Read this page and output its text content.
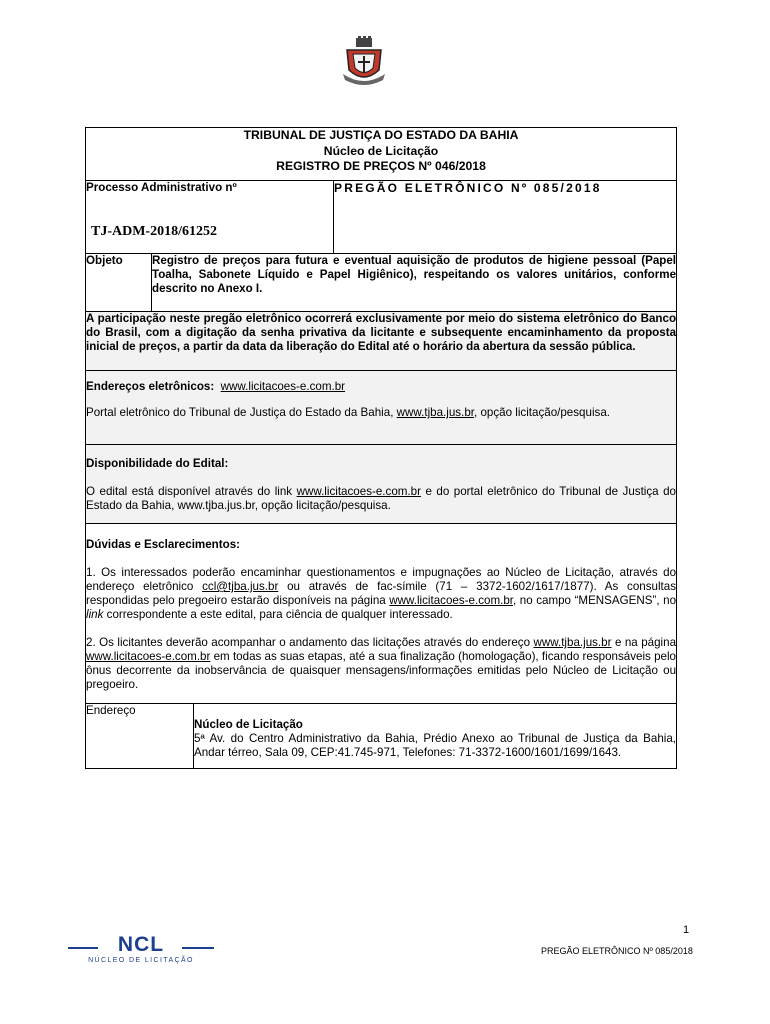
TRIBUNAL DE JUSTIÇA DO ESTADO DA BAHIA
Núcleo de Licitação
REGISTRO DE PREÇOS Nº 046/2018			

Processo Administrativo nº
TJ-ADM-2018/61252			PREGÃO ELETRÔNICO Nº 085/2018
Objeto	Registro de preços para futura e eventual aquisição de produtos de higiene pessoal (Papel Toalha, Sabonete Líquido e Papel Higiênico), respeitando os valores unitários, conforme descrito no Anexo I.		
A participação neste pregão eletrônico ocorrerá exclusivamente por meio do sistema eletrônico do Banco do Brasil, com a digitação da senha privativa da licitante e subsequente encaminhamento da proposta inicial de preços, a partir da data da liberação do Edital até o horário da abertura da sessão pública.			

Endereços eletrônicos: www.licitacoes-e.com.br
Portal eletrônico do Tribunal de Justiça do Estado da Bahia, www.tjba.jus.br, opção licitação/pesquisa.			

Disponibilidade do Edital:
O edital está disponível através do link www.licitacoes-e.com.br e do portal eletrônico do Tribunal de Justiça do Estado da Bahia, www.tjba.jus.br, opção licitação/pesquisa.			

Dúvidas e Esclarecimentos:
1. Os interessados poderão encaminhar questionamentos e impugnações ao Núcleo de Licitação, através do endereço eletrônico ccl@tjba.jus.br ou através de fac-símile (71 – 3372-1602/1617/1877). As consultas respondidas pelo pregoeiro estarão disponíveis na página www.licitacoes-e.com.br, no campo “MENSAGENS”, no link correspondente a este edital, para ciência de qualquer interessado.
2. Os licitantes deverão acompanhar o andamento das licitações através do endereço www.tjba.jus.br e na página www.licitacoes-e.com.br em todas as suas etapas, até a sua finalização (homologação), ficando responsáveis pelo ônus decorrente da inobservância de quaisquer mensagens/informações emitidas pelo Núcleo de Licitação ou pregoeiro.			

Endereço		Núcleo de Licitação
5ª Av. do Centro Administrativo da Bahia, Prédio Anexo ao Tribunal de Justiça da Bahia, Andar térreo, Sala 09, CEP:41.745-971, Telefones: 71-3372-1600/1601/1699/1643.	
1
PREGÃO ELETRÔNICO Nº 085/2018
NCL
NÚCLEO DE LICITAÇÃO
